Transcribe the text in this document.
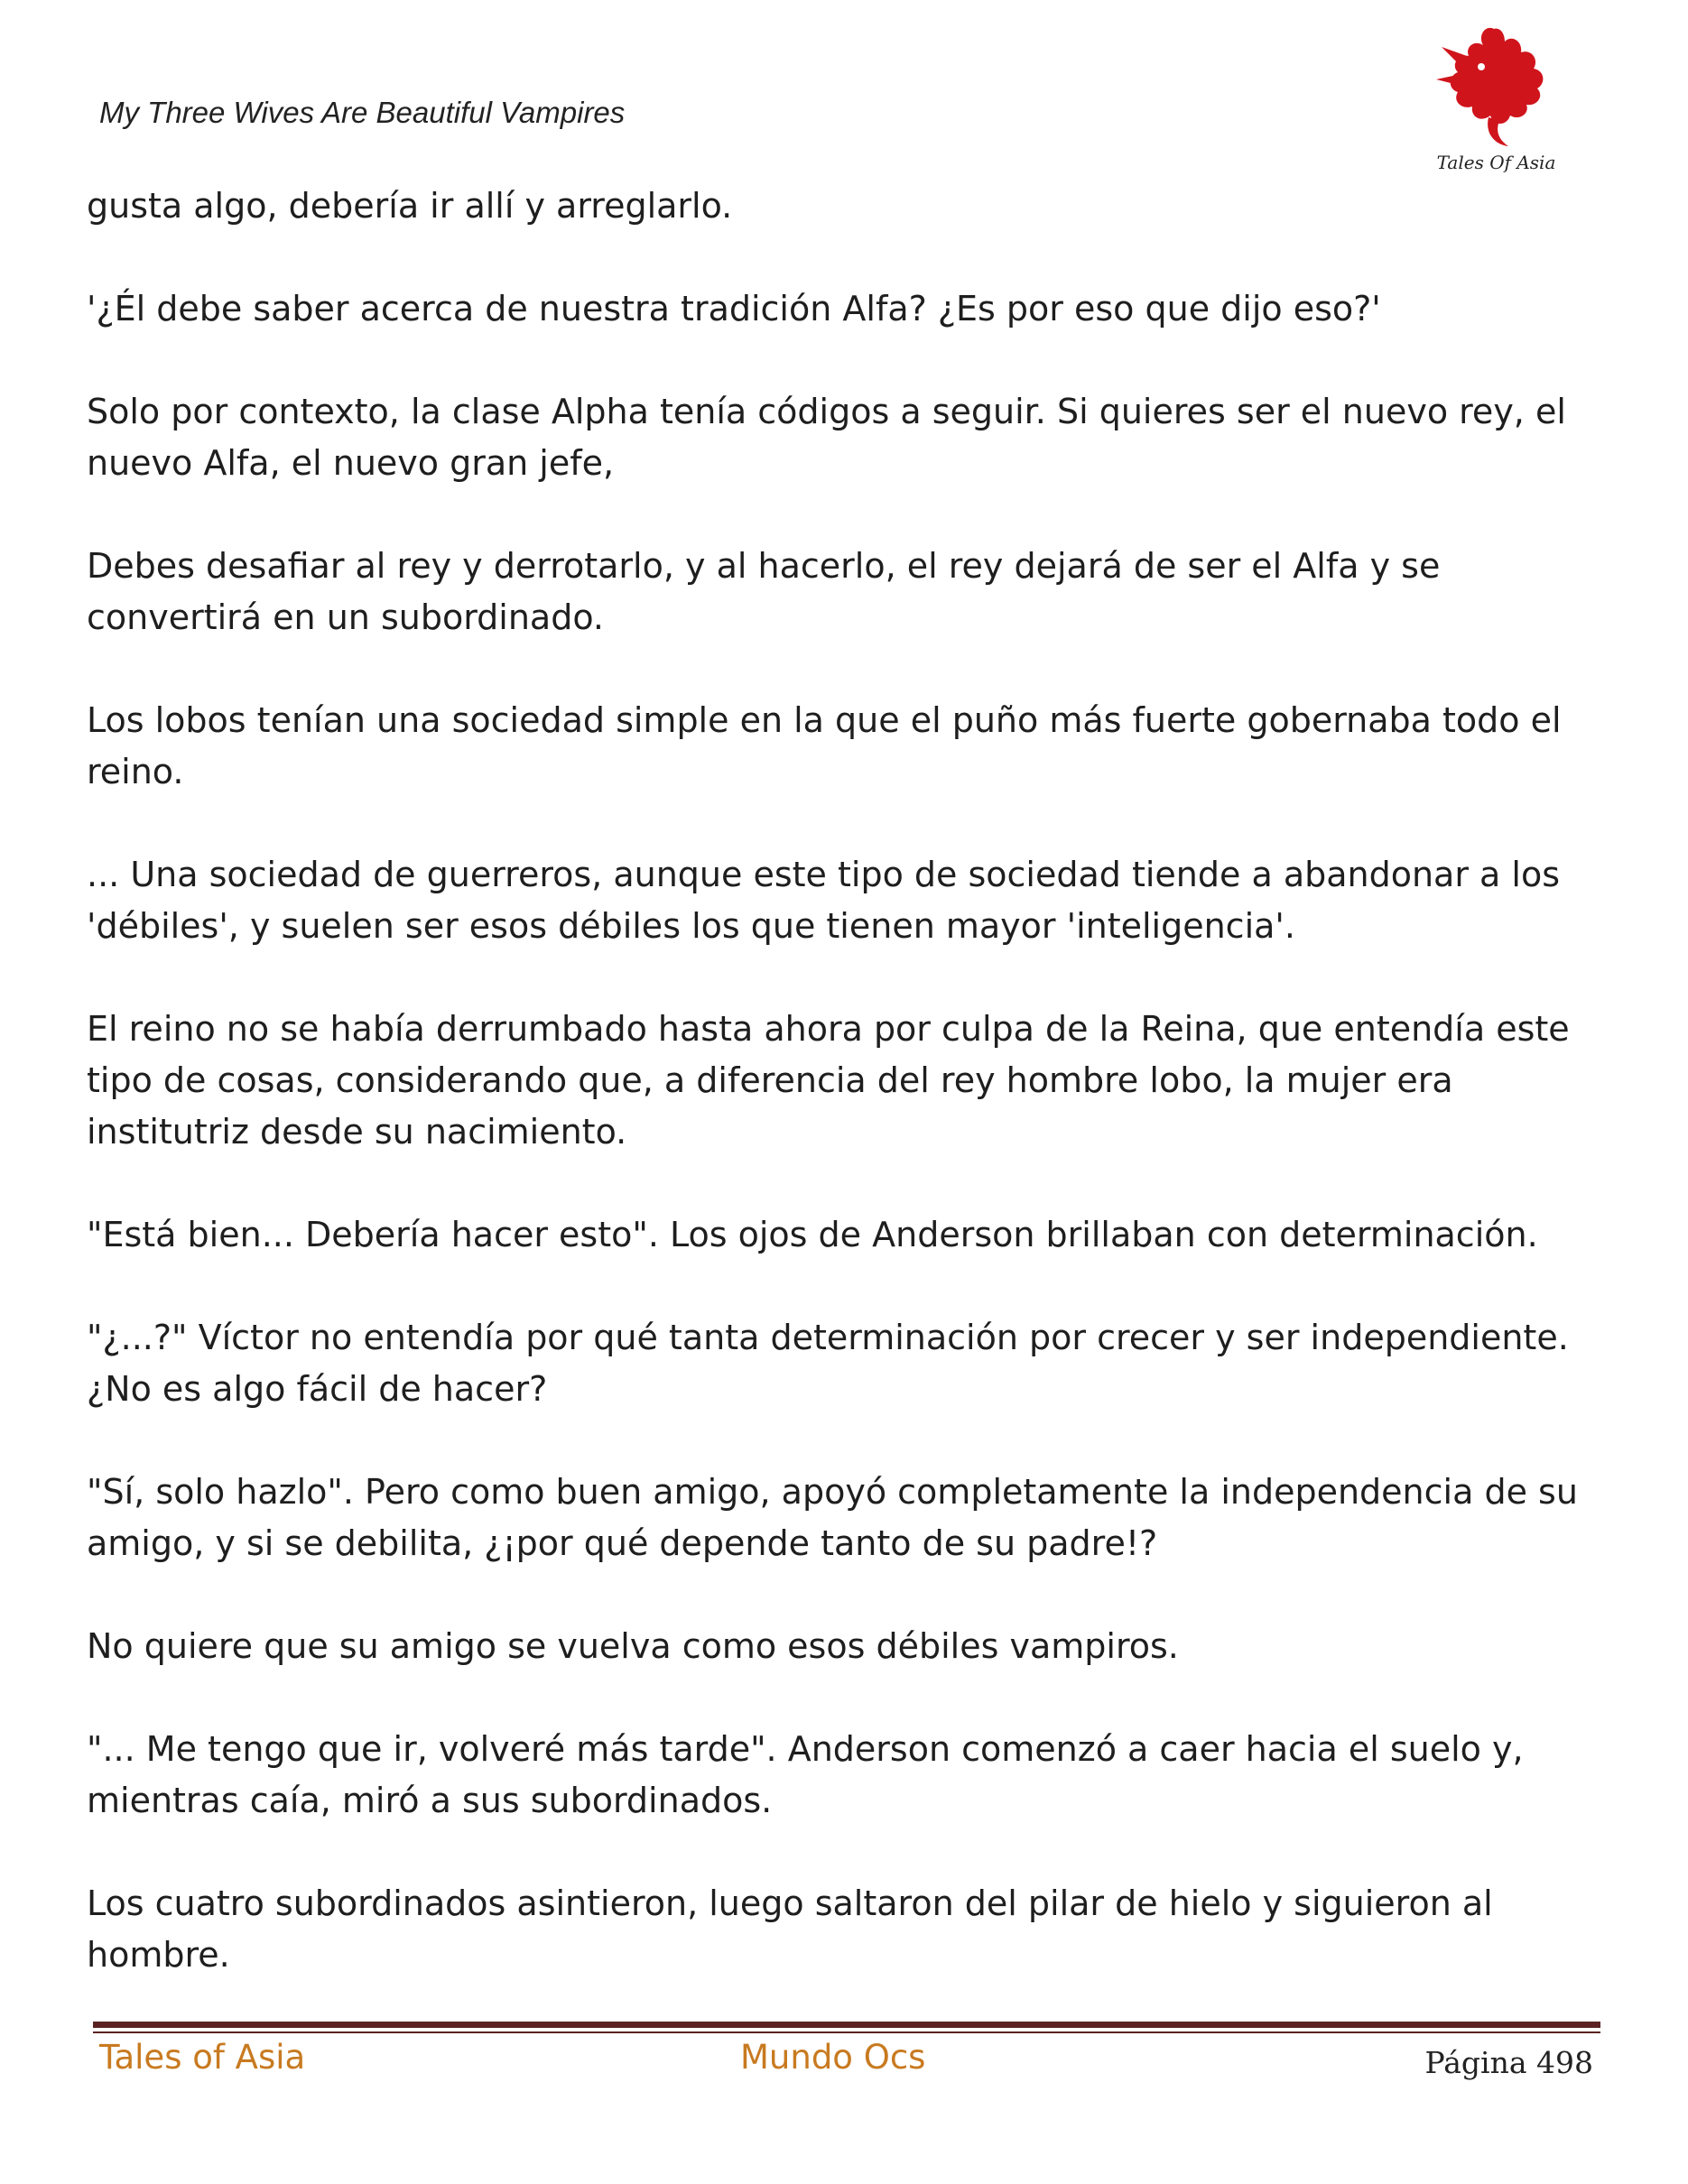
My Three Wives Are Beautiful Vampires
Tales Of Asia

gusta algo, debería ir allí y arreglarlo.

'¿Él debe saber acerca de nuestra tradición Alfa? ¿Es por eso que dijo eso?'

Solo por contexto, la clase Alpha tenía códigos a seguir. Si quieres ser el nuevo rey, el nuevo Alfa, el nuevo gran jefe,

Debes desafiar al rey y derrotarlo, y al hacerlo, el rey dejará de ser el Alfa y se convertirá en un subordinado.

Los lobos tenían una sociedad simple en la que el puño más fuerte gobernaba todo el reino.

... Una sociedad de guerreros, aunque este tipo de sociedad tiende a abandonar a los 'débiles', y suelen ser esos débiles los que tienen mayor 'inteligencia'.

El reino no se había derrumbado hasta ahora por culpa de la Reina, que entendía este tipo de cosas, considerando que, a diferencia del rey hombre lobo, la mujer era institutriz desde su nacimiento.

"Está bien... Debería hacer esto". Los ojos de Anderson brillaban con determinación.

"¿...?" Víctor no entendía por qué tanta determinación por crecer y ser independiente. ¿No es algo fácil de hacer?

"Sí, solo hazlo". Pero como buen amigo, apoyó completamente la independencia de su amigo, y si se debilita, ¿¡por qué depende tanto de su padre!?

No quiere que su amigo se vuelva como esos débiles vampiros.

"... Me tengo que ir, volveré más tarde". Anderson comenzó a caer hacia el suelo y, mientras caía, miró a sus subordinados.

Los cuatro subordinados asintieron, luego saltaron del pilar de hielo y siguieron al hombre.

Tales of Asia	Mundo Ocs	Página 498
